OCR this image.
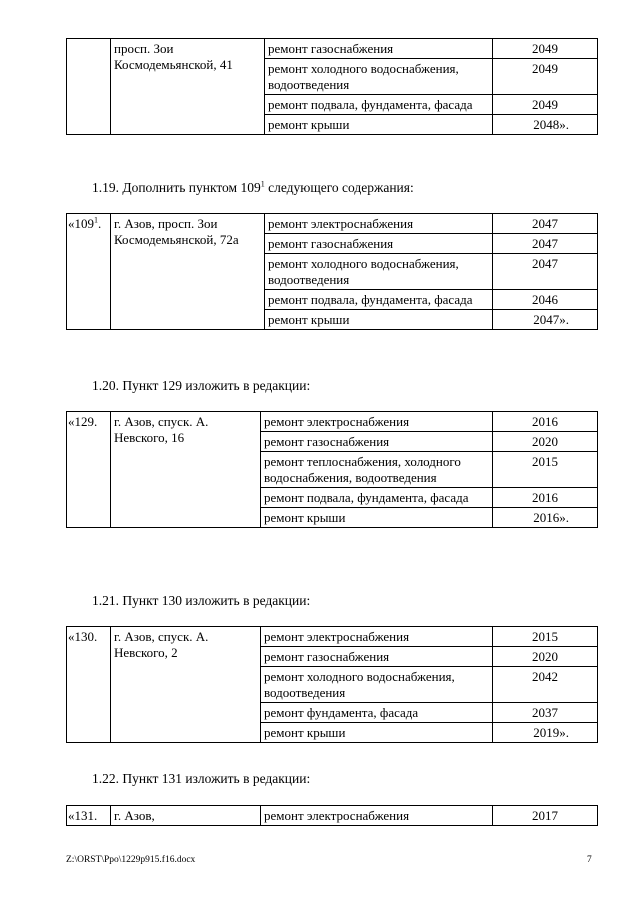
	просп. Зои Космодемьянской, 41	ремонт газоснабжения	2049
		ремонт холодного водоснабжения, водоотведения	2049
		ремонт подвала, фундамента, фасада	2049
		ремонт крыши	2048».
1.19. Дополнить пунктом $109^1$ следующего содержания:
«$109^1$.	г. Азов, просп. Зои Космодемьянской, 72а	ремонт электроснабжения	2047
		ремонт газоснабжения	2047
		ремонт холодного водоснабжения, водоотведения	2047
		ремонт подвала, фундамента, фасада	2046
		ремонт крыши	2047».
1.20. Пункт 129 изложить в редакции:
«129.	г. Азов, спуск. А. Невского, 16	ремонт электроснабжения	2016
		ремонт газоснабжения	2020
		ремонт теплоснабжения, холодного водоснабжения, водоотведения	2015
		ремонт подвала, фундамента, фасада	2016
		ремонт крыши	2016».
1.21. Пункт 130 изложить в редакции:
«130.	г. Азов, спуск. А. Невского, 2	ремонт электроснабжения	2015
		ремонт газоснабжения	2020
		ремонт холодного водоснабжения, водоотведения	2042
		ремонт фундамента, фасада	2037
		ремонт крыши	2019».
1.22. Пункт 131 изложить в редакции:
«131.	г. Азов,	ремонт электроснабжения	2017
Z:\ORST\Ppo\1229p915.f16.docx	7
